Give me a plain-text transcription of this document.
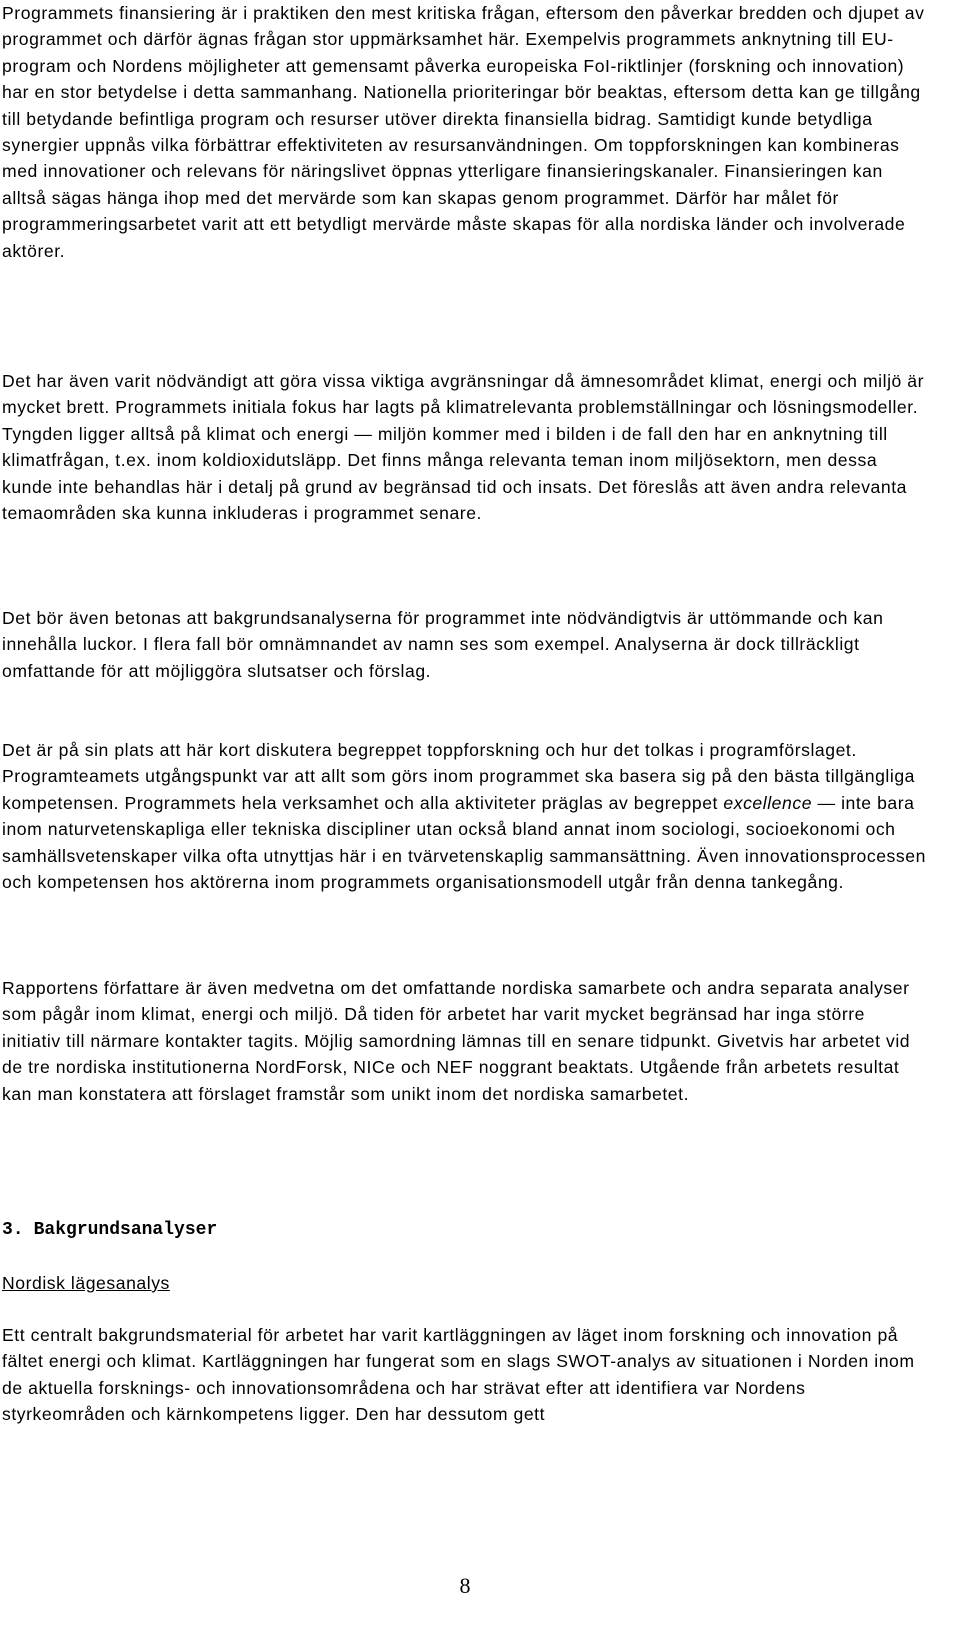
Programmets finansiering är i praktiken den mest kritiska frågan, eftersom den påverkar bredden och djupet av programmet och därför ägnas frågan stor uppmärksamhet här. Exempelvis programmets anknytning till EU-program och Nordens möjligheter att gemensamt påverka europeiska FoI-riktlinjer (forskning och innovation) har en stor betydelse i detta sammanhang. Nationella prioriteringar bör beaktas, eftersom detta kan ge tillgång till betydande befintliga program och resurser utöver direkta finansiella bidrag. Samtidigt kunde betydliga synergier uppnås vilka förbättrar effektiviteten av resursanvändningen. Om toppforskningen kan kombineras med innovationer och relevans för näringslivet öppnas ytterligare finansieringskanaler. Finansieringen kan alltså sägas hänga ihop med det mervärde som kan skapas genom programmet. Därför har målet för programmeringsarbetet varit att ett betydligt mervärde måste skapas för alla nordiska länder och involverade aktörer.

Det har även varit nödvändigt att göra vissa viktiga avgränsningar då ämnesområdet klimat, energi och miljö är mycket brett. Programmets initiala fokus har lagts på klimatrelevanta problemställningar och lösningsmodeller. Tyngden ligger alltså på klimat och energi — miljön kommer med i bilden i de fall den har en anknytning till klimatfrågan, t.ex. inom koldioxidutsläpp. Det finns många relevanta teman inom miljösektorn, men dessa kunde inte behandlas här i detalj på grund av begränsad tid och insats. Det föreslås att även andra relevanta temaområden ska kunna inkluderas i programmet senare.

Det bör även betonas att bakgrundsanalyserna för programmet inte nödvändigtvis är uttömmande och kan innehålla luckor. I flera fall bör omnämnandet av namn ses som exempel. Analyserna är dock tillräckligt omfattande för att möjliggöra slutsatser och förslag.

Det är på sin plats att här kort diskutera begreppet toppforskning och hur det tolkas i programförslaget. Programteamets utgångspunkt var att allt som görs inom programmet ska basera sig på den bästa tillgängliga kompetensen. Programmets hela verksamhet och alla aktiviteter präglas av begreppet excellence — inte bara inom naturvetenskapliga eller tekniska discipliner utan också bland annat inom sociologi, socioekonomi och samhällsvetenskaper vilka ofta utnyttjas här i en tvärvetenskaplig sammansättning. Även innovationsprocessen och kompetensen hos aktörerna inom programmets organisationsmodell utgår från denna tankegång.

Rapportens författare är även medvetna om det omfattande nordiska samarbete och andra separata analyser som pågår inom klimat, energi och miljö. Då tiden för arbetet har varit mycket begränsad har inga större initiativ till närmare kontakter tagits. Möjlig samordning lämnas till en senare tidpunkt. Givetvis har arbetet vid de tre nordiska institutionerna NordForsk, NICe och NEF noggrant beaktats. Utgående från arbetets resultat kan man konstatera att förslaget framstår som unikt inom det nordiska samarbetet.

3. Bakgrundsanalyser

Nordisk lägesanalys

Ett centralt bakgrundsmaterial för arbetet har varit kartläggningen av läget inom forskning och innovation på fältet energi och klimat. Kartläggningen har fungerat som en slags SWOT-analys av situationen i Norden inom de aktuella forsknings- och innovationsområdena och har strävat efter att identifiera var Nordens styrkeområden och kärnkompetens ligger. Den har dessutom gett

8
